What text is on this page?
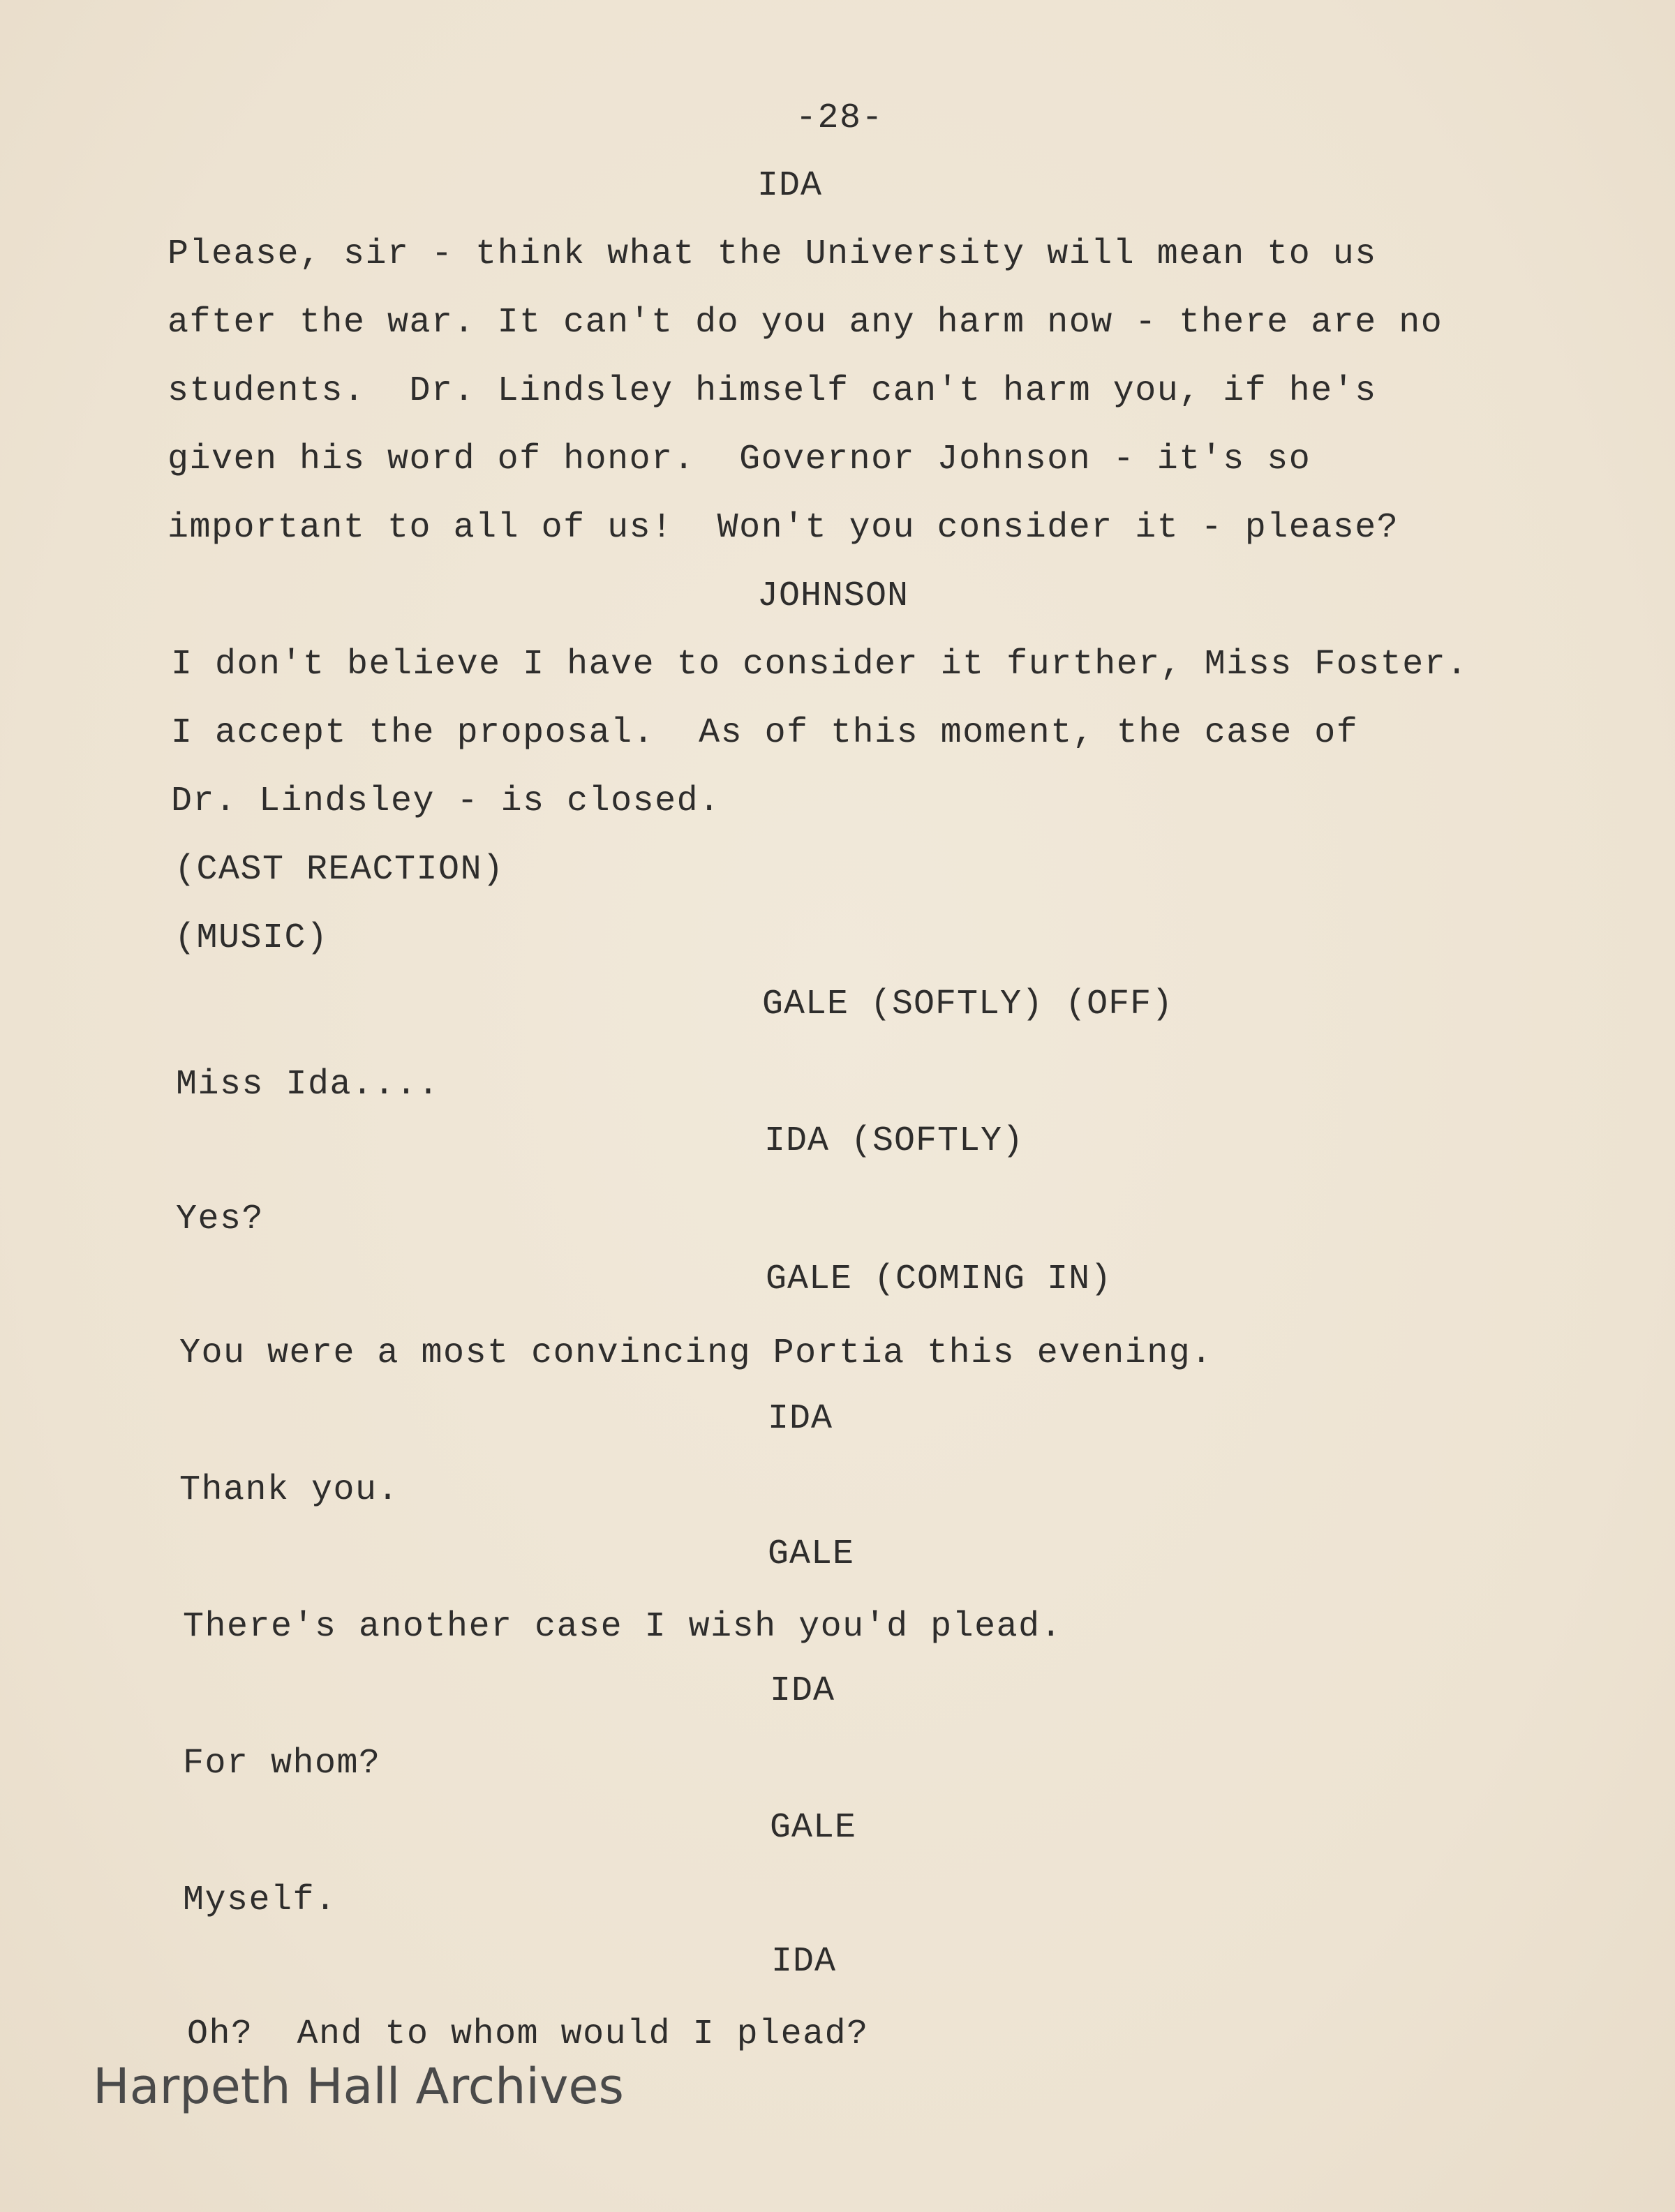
-28-
IDA
Please, sir - think what the University will mean to us
after the war. It can't do you any harm now - there are no
students.  Dr. Lindsley himself can't harm you, if he's
given his word of honor.  Governor Johnson - it's so
important to all of us!  Won't you consider it - please?
JOHNSON
I don't believe I have to consider it further, Miss Foster.
I accept the proposal.  As of this moment, the case of
Dr. Lindsley - is closed.
(CAST REACTION)
(MUSIC)
GALE (SOFTLY) (OFF)
Miss Ida....
IDA (SOFTLY)
Yes?
GALE (COMING IN)
You were a most convincing Portia this evening.
IDA
Thank you.
GALE
There's another case I wish you'd plead.
IDA
For whom?
GALE
Myself.
IDA
Oh?  And to whom would I plead?
Harpeth Hall Archives
